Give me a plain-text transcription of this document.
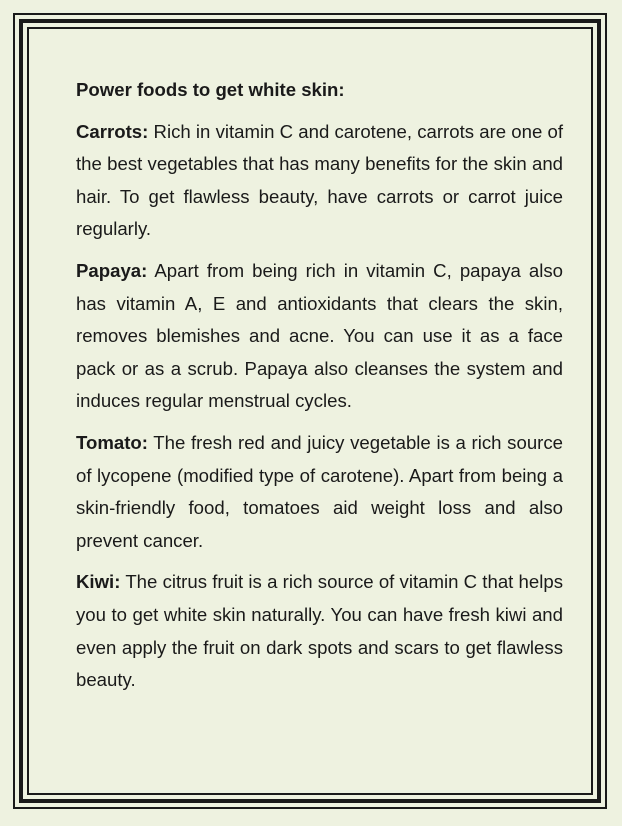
Power foods to get white skin:

Carrots: Rich in vitamin C and carotene, carrots are one of the best vegetables that has many benefits for the skin and hair. To get flawless beauty, have carrots or carrot juice regularly.

Papaya: Apart from being rich in vitamin C, papaya also has vitamin A, E and antioxidants that clears the skin, removes blemishes and acne. You can use it as a face pack or as a scrub. Papaya also cleanses the system and induces regular menstrual cycles.

Tomato: The fresh red and juicy vegetable is a rich source of lycopene (modified type of carotene). Apart from being a skin-friendly food, tomatoes aid weight loss and also prevent cancer.

Kiwi: The citrus fruit is a rich source of vitamin C that helps you to get white skin naturally. You can have fresh kiwi and even apply the fruit on dark spots and scars to get flawless beauty.
